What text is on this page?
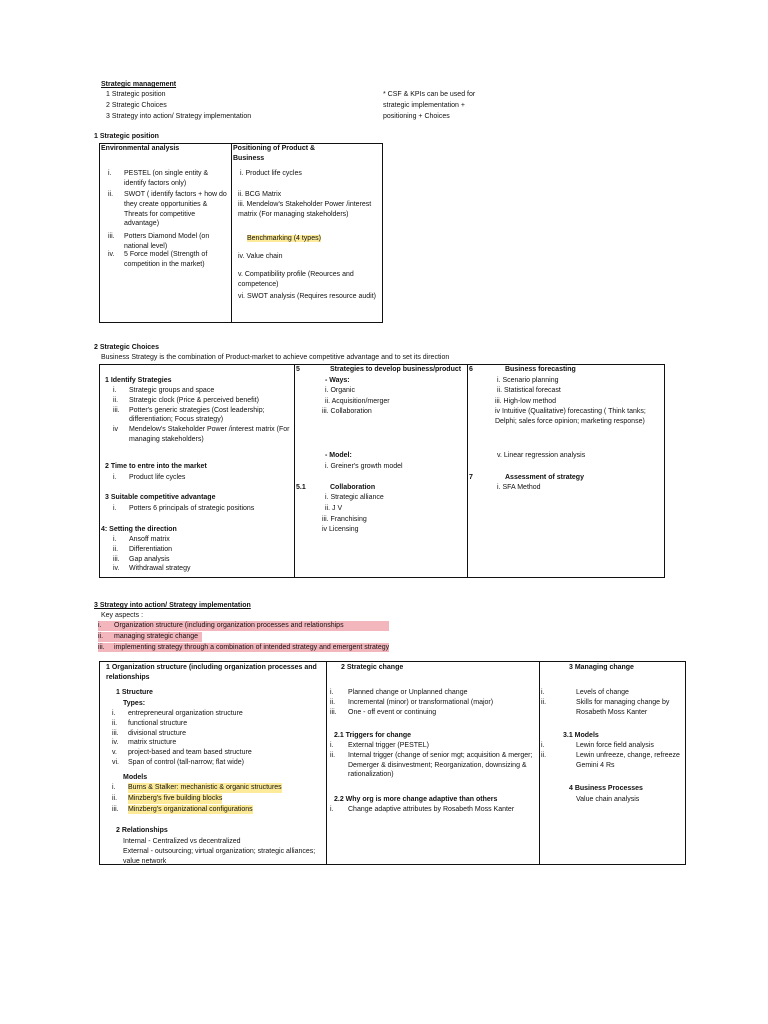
Strategic management
1 Strategic position
2 Strategic Choices
3 Strategy into action/ Strategy implementation
* CSF & KPIs can be used for
strategic implementation +
positioning + Choices
1 Strategic position
Environmental analysis
i.	PESTEL (on single entity & identify factors only)
ii.	SWOT ( identify factors + how do they create opportunities & Threats for competitive advantage)
iii.	Potters Diamond Model (on national level)
iv.	5 Force model (Strength of competition in the market)
Positioning of Product & Business
i. Product life cycles
ii. BCG Matrix
iii. Mendelow's Stakeholder Power /interest matrix (For managing stakeholders)
Benchmarking (4 types)
iv. Value chain
v. Compatibility profile (Reources and competence)
vi. SWOT analysis (Requires resource audit)
2 Strategic Choices
Business Strategy is the combination of Product-market to achieve competitive advantage and to set its direction
1 Identify Strategies
i.	Strategic groups and space
ii.	Strategic clock (Price & perceived benefit)
iii.	Potter's generic strategies (Cost leadership; differentiation; Focus strategy)
iv	Mendelow's Stakeholder Power /interest matrix (For managing stakeholders)
2 Time to entre into the market
i.	Product life cycles
3 Suitable competitive advantage
i.	Potters 6 principals of strategic positions
4: Setting the direction
i.	Ansoff matrix
ii.	Differentiation
iii.	Gap analysis
iv.	Withdrawal strategy
5	Strategies to develop business/product
- Ways:
i. Organic
ii. Acquisition/merger
iii. Collaboration
- Model:
i. Greiner's growth model
5.1	Collaboration
i. Strategic alliance
ii. J V
iii. Franchising
iv Licensing
6	Business forecasting
i. Scenario planning
ii. Statistical forecast
iii. High-low method
iv Intuitive (Qualitative) forecasting ( Think tanks; Delphi; sales force opinion; marketing response)
v. Linear regression analysis
7	Assessment of strategy
i. SFA Method
3 Strategy into action/ Strategy implementation
Key aspects :
i.	Organization structure (including organization processes and relationships
ii.	managing strategic change
iii.	implementing strategy through a combination of intended strategy and emergent strategy
1 Organization structure (including organization processes and relationships
1 Structure
Types:
i.	entrepreneural organization structure
ii.	functional structure
iii.	divisional structure
iv.	matrix structure
v.	project-based and team based structure
vi.	Span of control (tall-narrow; flat wide)
Models
i.	Burns & Stalker: mechanistic & organic structures
ii.	Minzberg's five building blocks
iii.	Minzberg's organizational configurations
2 Relationships
Internal - Centralized vs decentralized
External - outsourcing; virtual organization; strategic alliances; value network
2 Strategic change
i.	Planned change or Unplanned change
ii.	Incremental (minor) or transformational (major)
iii.	One - off event or continuing
2.1 Triggers for change
i.	External trigger (PESTEL)
ii.	Internal trigger (change of senior mgt; acquisition & merger; Demerger & disinvestment; Reorganization, downsizing & rationalization)
2.2 Why org is more change adaptive than others
i.	Change adaptive attributes by Rosabeth Moss Kanter
3 Managing change
i.	Levels of change
ii.	Skills for managing change by Rosabeth Moss Kanter
3.1 Models
i.	Lewin force field analysis
ii.	Lewin unfreeze, change, refreeze Gemini 4 Rs
4 Business Processes
Value chain analysis
